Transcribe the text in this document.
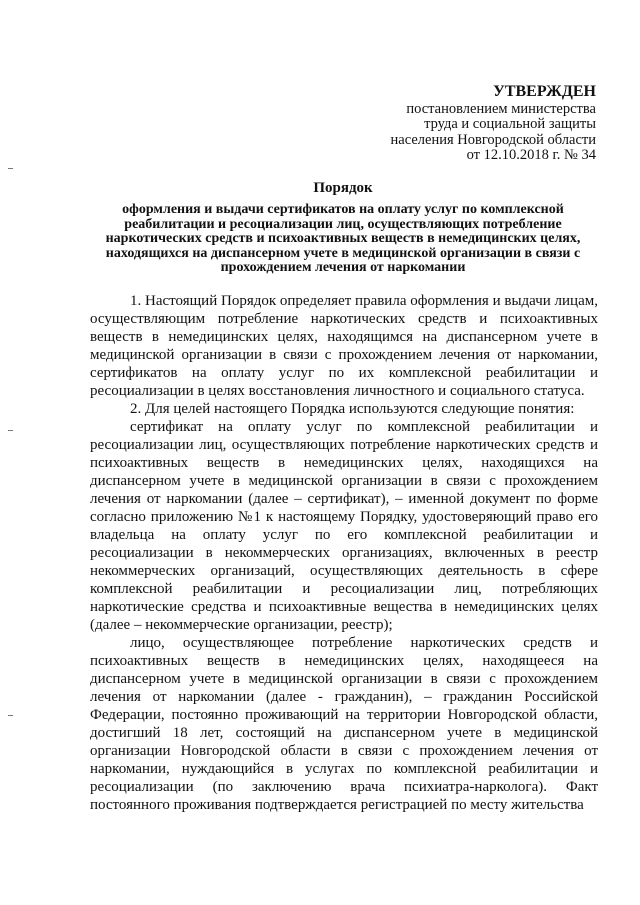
УТВЕРЖДЕН
постановлением министерства
труда и социальной защиты
населения Новгородской области
от 12.10.2018 г. № 34
Порядок
оформления и выдачи сертификатов на оплату услуг по комплексной реабилитации и ресоциализации лиц, осуществляющих потребление наркотических средств и психоактивных веществ в немедицинских целях, находящихся на диспансерном учете в медицинской организации в связи с прохождением лечения от наркомании

1. Настоящий Порядок определяет правила оформления и выдачи лицам, осуществляющим потребление наркотических средств и психоактивных веществ в немедицинских целях, находящимся на диспансерном учете в медицинской организации в связи с прохождением лечения от наркомании, сертификатов на оплату услуг по их комплексной реабилитации и ресоциализации в целях восстановления личностного и социального статуса.

2. Для целей настоящего Порядка используются следующие понятия:

сертификат на оплату услуг по комплексной реабилитации и ресоциализации лиц, осуществляющих потребление наркотических средств и психоактивных веществ в немедицинских целях, находящихся на диспансерном учете в медицинской организации в связи с прохождением лечения от наркомании (далее – сертификат), – именной документ по форме согласно приложению №1 к настоящему Порядку, удостоверяющий право его владельца на оплату услуг по его комплексной реабилитации и ресоциализации в некоммерческих организациях, включенных в реестр некоммерческих организаций, осуществляющих деятельность в сфере комплексной реабилитации и ресоциализации лиц, потребляющих наркотические средства и психоактивные вещества в немедицинских целях (далее – некоммерческие организации, реестр);

лицо, осуществляющее потребление наркотических средств и психоактивных веществ в немедицинских целях, находящееся на диспансерном учете в медицинской организации в связи с прохождением лечения от наркомании (далее - гражданин), – гражданин Российской Федерации, постоянно проживающий на территории Новгородской области, достигший 18 лет, состоящий на диспансерном учете в медицинской организации Новгородской области в связи с прохождением лечения от наркомании, нуждающийся в услугах по комплексной реабилитации и ресоциализации (по заключению врача психиатра-нарколога). Факт постоянного проживания подтверждается регистрацией по месту жительства
